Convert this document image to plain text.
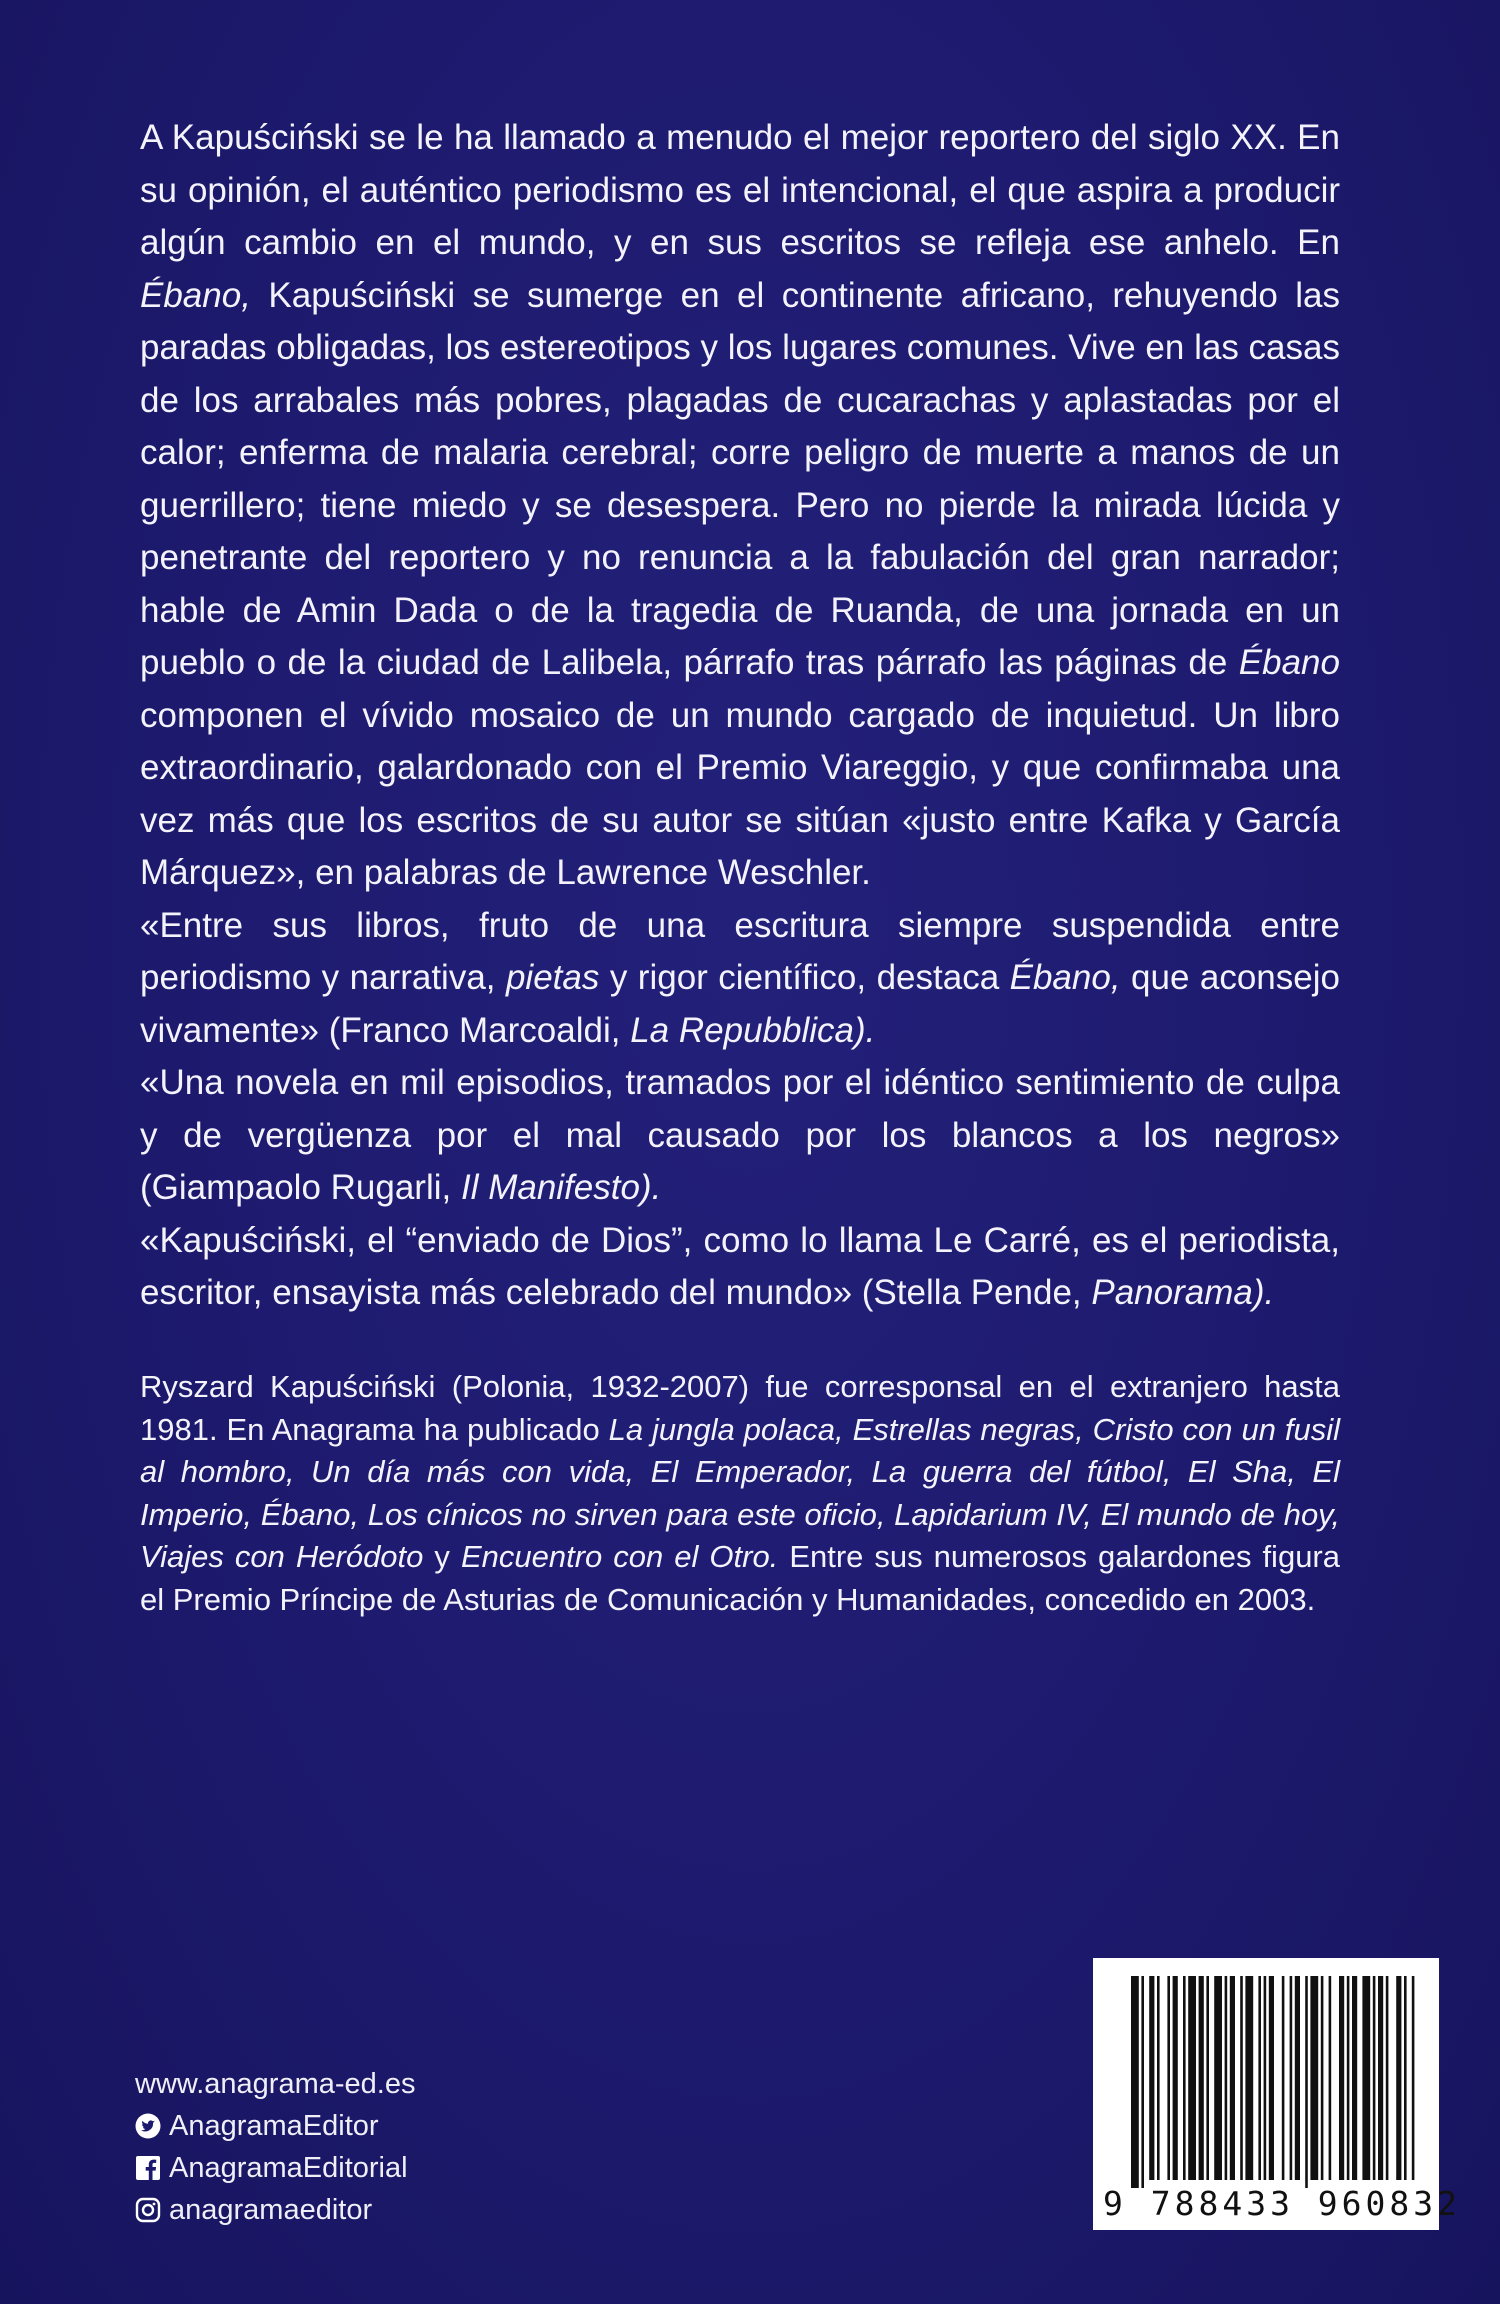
A Kapuściński se le ha llamado a menudo el mejor reportero del siglo XX. En su opinión, el auténtico periodismo es el intencional, el que aspira a producir algún cambio en el mundo, y en sus escritos se refleja ese anhelo. En Ébano, Kapuściński se sumerge en el continente africano, rehuyendo las paradas obligadas, los estereotipos y los lugares comunes. Vive en las casas de los arrabales más pobres, plagadas de cucarachas y aplastadas por el calor; enferma de malaria cerebral; corre peligro de muerte a manos de un guerrillero; tiene miedo y se desespera. Pero no pierde la mirada lúcida y penetrante del reportero y no renuncia a la fabulación del gran narrador; hable de Amin Dada o de la tragedia de Ruanda, de una jornada en un pueblo o de la ciudad de Lalibela, párrafo tras párrafo las páginas de Ébano componen el vívido mosaico de un mundo cargado de inquietud. Un libro extraordinario, galardonado con el Premio Viareggio, y que confirmaba una vez más que los escritos de su autor se sitúan «justo entre Kafka y García Márquez», en palabras de Lawrence Weschler.

«Entre sus libros, fruto de una escritura siempre suspendida entre periodismo y narrativa, pietas y rigor científico, destaca Ébano, que aconsejo vivamente» (Franco Marcoaldi, La Repubblica).

«Una novela en mil episodios, tramados por el idéntico sentimiento de culpa y de vergüenza por el mal causado por los blancos a los negros» (Giampaolo Rugarli, Il Manifesto).

«Kapuściński, el “enviado de Dios”, como lo llama Le Carré, es el periodista, escritor, ensayista más celebrado del mundo» (Stella Pende, Panorama).

Ryszard Kapuściński (Polonia, 1932-2007) fue corresponsal en el extranjero hasta 1981. En Anagrama ha publicado La jungla polaca, Estrellas negras, Cristo con un fusil al hombro, Un día más con vida, El Emperador, La guerra del fútbol, El Sha, El Imperio, Ébano, Los cínicos no sirven para este oficio, Lapidarium IV, El mundo de hoy, Viajes con Heródoto y Encuentro con el Otro. Entre sus numerosos galardones figura el Premio Príncipe de Asturias de Comunicación y Humanidades, concedido en 2003.

www.anagrama-ed.es
AnagramaEditor
AnagramaEditorial
anagramaeditor	9 788433 960832
